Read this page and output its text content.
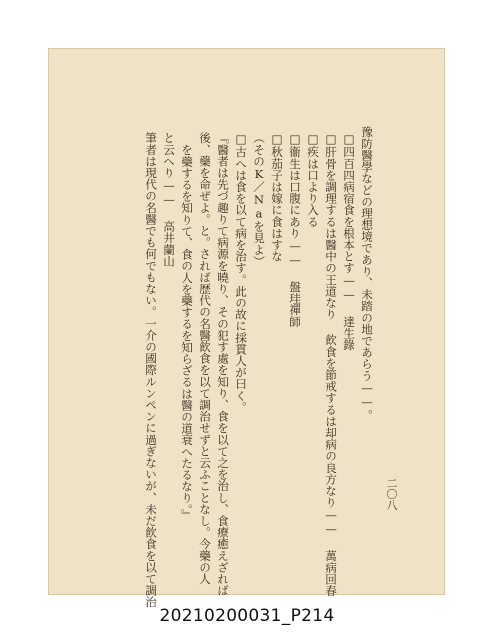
豫防醫學などの理想境であり、未踏の地であらう——。
□四百四病宿食を根本とす—— 達生錄
□肝骨を調理するは醫中の王道なり 飮食を節戒するは却病の良方なり—— 萬病回春
□疾は口より入る
□衞生は口腹にあり—— 盤珪禪師
□秋茄子は嫁に食はすな
（そのK／Naを見よ）
□古へは食を以て病を治す。此の故に採貫人が曰く。
『醫者は先づ趣りて病源を曉り、その犯す處を知り、食を以て之を治し、食療癒えざれば
後、藥を命ぜよ。と。されば歴代の名醫飮食を以て調治せずと云ふことなし。今藥の人
を藥するを知りて、食の人を藥するを知らざるは醫の道衰へたるなり。』
と云へり—— 高井蘭山
筆者は現代の名醫でも何でもない。一介の國際ルンペンに過ぎないが、未だ飮食を以て調治	二
〇
八
20210200031_P214
